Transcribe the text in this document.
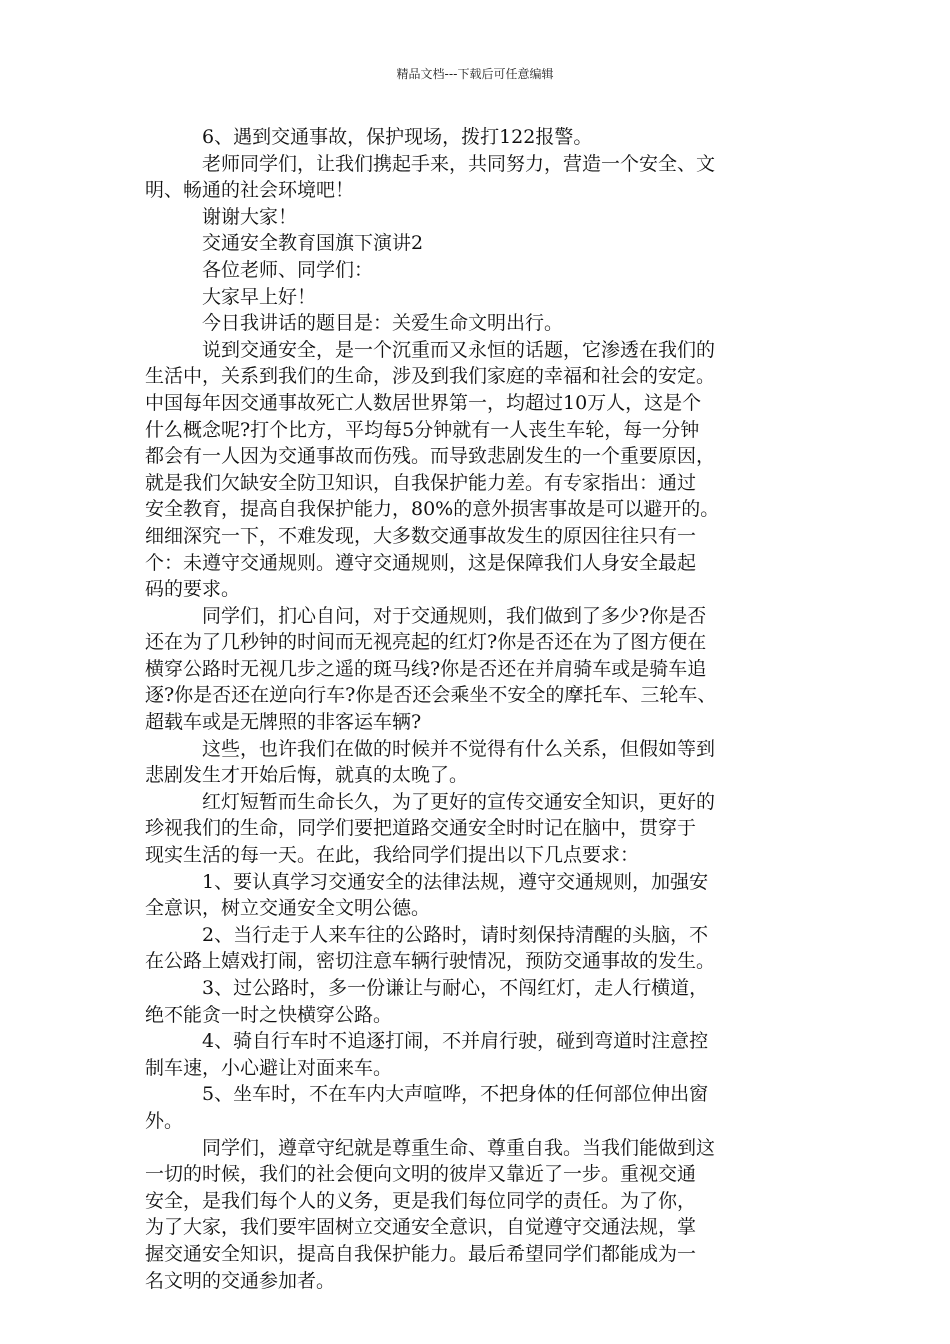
精品文档---下载后可任意编辑
6、遇到交通事故，保护现场，拨打122报警。
老师同学们，让我们携起手来，共同努力，营造一个安全、文
明、畅通的社会环境吧！
谢谢大家！
交通安全教育国旗下演讲2
各位老师、同学们：
大家早上好！
今日我讲话的题目是：关爱生命文明出行。
说到交通安全，是一个沉重而又永恒的话题，它渗透在我们的
生活中，关系到我们的生命，涉及到我们家庭的幸福和社会的安定。
中国每年因交通事故死亡人数居世界第一，均超过10万人，这是个
什么概念呢?打个比方，平均每5分钟就有一人丧生车轮，每一分钟
都会有一人因为交通事故而伤残。而导致悲剧发生的一个重要原因，
就是我们欠缺安全防卫知识，自我保护能力差。有专家指出：通过
安全教育，提高自我保护能力，80%的意外损害事故是可以避开的。
细细深究一下，不难发现，大多数交通事故发生的原因往往只有一
个：未遵守交通规则。遵守交通规则，这是保障我们人身安全最起
码的要求。
同学们，扪心自问，对于交通规则，我们做到了多少?你是否
还在为了几秒钟的时间而无视亮起的红灯?你是否还在为了图方便在
横穿公路时无视几步之遥的斑马线?你是否还在并肩骑车或是骑车追
逐?你是否还在逆向行车?你是否还会乘坐不安全的摩托车、三轮车、
超载车或是无牌照的非客运车辆?
这些，也许我们在做的时候并不觉得有什么关系，但假如等到
悲剧发生才开始后悔，就真的太晚了。
红灯短暂而生命长久，为了更好的宣传交通安全知识，更好的
珍视我们的生命，同学们要把道路交通安全时时记在脑中，贯穿于
现实生活的每一天。在此，我给同学们提出以下几点要求：
1、要认真学习交通安全的法律法规，遵守交通规则，加强安
全意识，树立交通安全文明公德。
2、当行走于人来车往的公路时，请时刻保持清醒的头脑，不
在公路上嬉戏打闹，密切注意车辆行驶情况，预防交通事故的发生。
3、过公路时，多一份谦让与耐心，不闯红灯，走人行横道，
绝不能贪一时之快横穿公路。
4、骑自行车时不追逐打闹，不并肩行驶，碰到弯道时注意控
制车速，小心避让对面来车。
5、坐车时，不在车内大声喧哗，不把身体的任何部位伸出窗
外。
同学们，遵章守纪就是尊重生命、尊重自我。当我们能做到这
一切的时候，我们的社会便向文明的彼岸又靠近了一步。重视交通
安全，是我们每个人的义务，更是我们每位同学的责任。为了你，
为了大家，我们要牢固树立交通安全意识，自觉遵守交通法规，掌
握交通安全知识，提高自我保护能力。最后希望同学们都能成为一
名文明的交通参加者。
